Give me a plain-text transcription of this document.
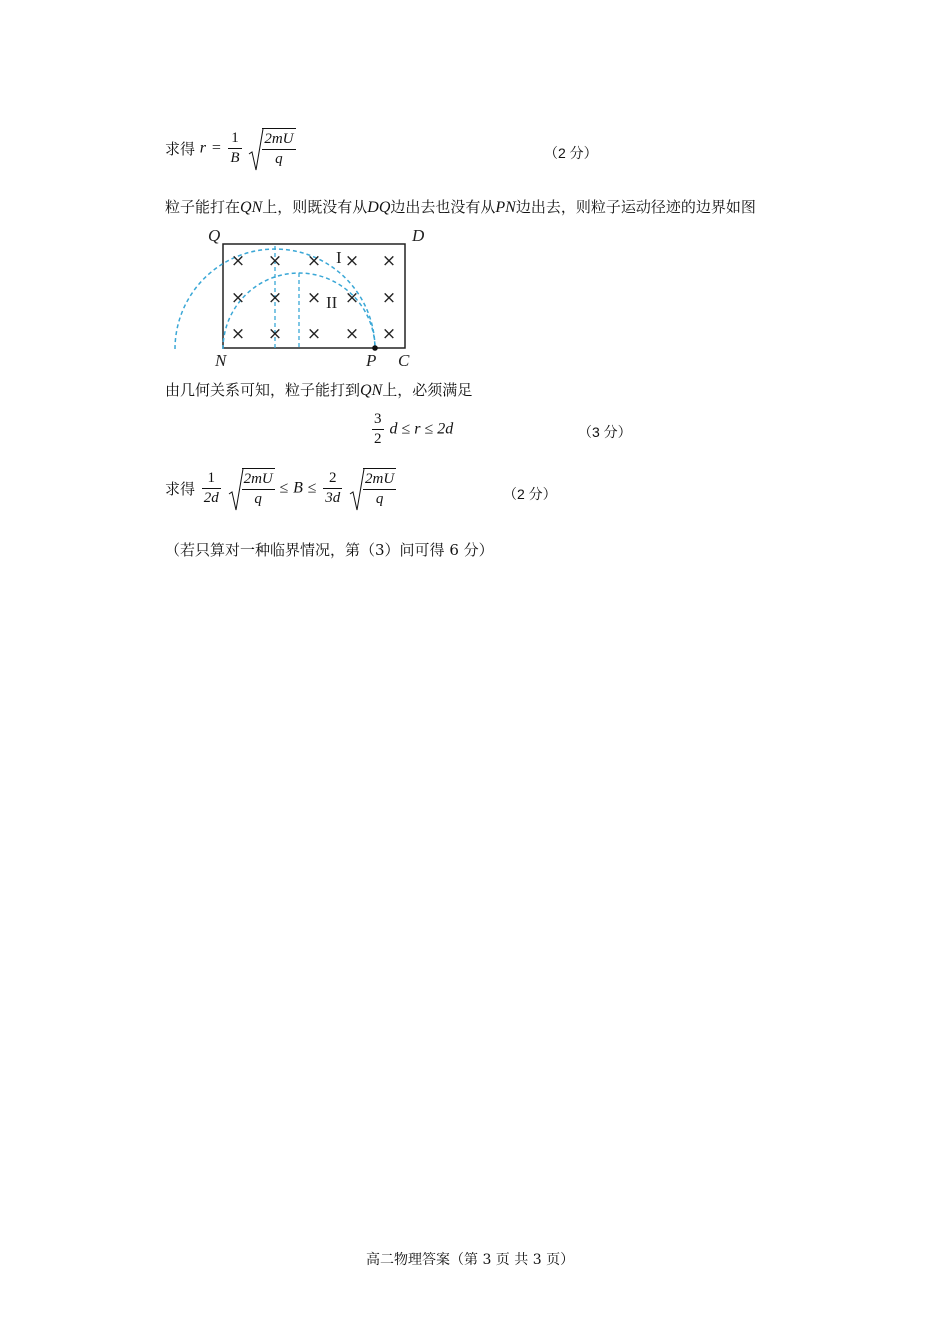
求得 $r = \frac{1}{B}$
$\frac{2mU}{q}$	（2 分）
粒子能打在QN上，则既没有从DQ边出去也没有从PN边出去，则粒子运动径迹的边界如图
× × × × ×
× × × × ×
× × × × ×
I
II
Q	D
N	P C
由几何关系可知，粒子能打到QN上，必须满足
$\frac{3}{2}$ d ≤ r ≤ 2d	（3 分）
求得 $\frac{1}{2d}$
$\frac{2mU}{q} \le B \le \frac{2}{3d}$
$\frac{2mU}{q}$	（2 分）
（若只算对一种临界情况，第（3）问可得 6 分）
高二物理答案（第 3 页 共 3 页）
